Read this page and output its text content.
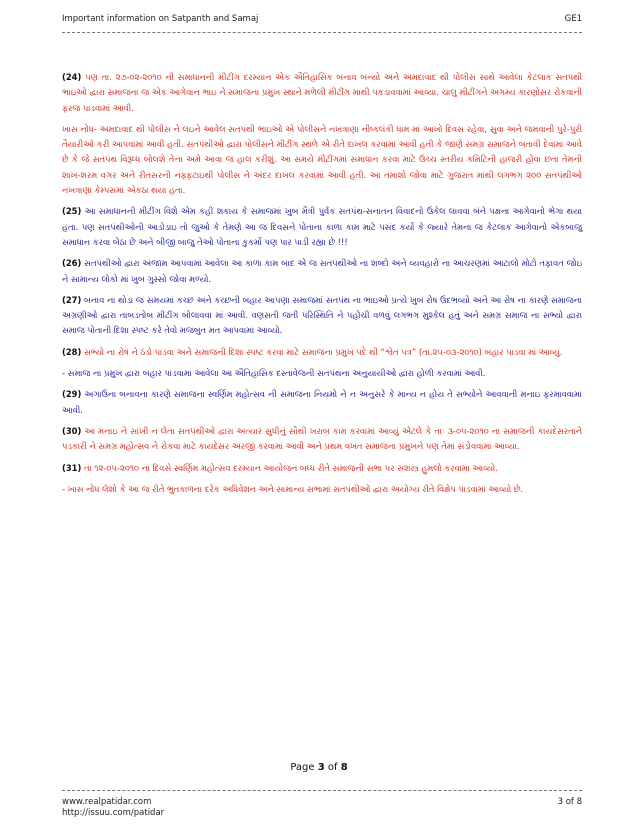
Important information on Satpanth and Samaj	GE1

(24) પણ તા. ૨૭-૦૨-૨૦૧૦ ની સમાધાનની મીટીંગ દરમ્યાન એક ઐતિહાસિક બનાવ બન્યો અને અમદાવાદ થી પોલીસ સાથે આવેલા કેટલાક સતપંથી ભાઇઓ દ્વારા સમાજના જ એક આગેવાન ભાઇ ને સમાજના પ્રમુખ સ્થાને મળેલી મીટીંગ માથી પકડાવવામાં આવ્યા. ચાલુ મીટીંગને અગમ્ય કારણોસર રોકવાની ફરજ પાડવામાં આવી.

ખાસ નોંધ- અમદાવાદ થી પોલીસ ને લઇને આવેલ સતપંથી ભાઇઓ એ પોલીસને નખત્રાણા નીષ્કલંકી ધામ માં આખો દિવસ રહેવા, સુવા અને જમવાની પુરે-પુરી તૈયારીઓ કરી આપવામાં આવી હતી. સતપંથીઓ દ્વારા પોલીસને મીટીંગ સ્થળે એ રીતે દાખલ કરવામાં આવી હતી કે જાણે સમગ્ર સમાજને બતાવી દેવામાં આવે છે કે જે સતપંથ વિરૂધ્ધ બોલશે તેના અમે આવા જ હાલ કરીશું. આ સમયે મીટીંગમાં સમાધાન કરવા માટે ઉચ્ચ સ્તરીય કમિટિની હાજરી હોવા છતા તેમની શાખ-શરમ વગર અને રીતસરની નફ્ફટાઇથી પોલીસ ને અંદર દાખલ કરવામાં આવી હતી. આ તમાશો જોવા માટે ગુજરાત માંથી લગભગ ૨૦૦ સતપંથીઓ નખત્રાણા કેમ્પસમાં એકઠા થયા હતા.

(25) આ સમાધાનની મીટીંગ વિશે એમ કહી શકાય કે સમાજમાં ખુબ મૈત્રી પુર્વક સતપંથ-સનાતન વિવાદનો ઉકેલ લાવવા બંને પક્ષના આગેવાનો ભેગા થયા હતા. પણ સતપંથીઓની આડોડાઇ તો જુઓ કે તેમણે આ જ દિવસને પોતાના કાળા કામ માટે પસંદ કર્યો કે જ્યારે તેમના જ કેટલાક આગેવાનો એકબાજુ સમાધાન કરવા બેઠા છે અને બીજી બાજુ તેઓ પોતાના કુકર્મો પણ પાર પાડી રહ્યા છે !!!

(26) સતપંથીઓ દ્વારા અંજામ આપવામાં આવેલા આ કાળા કામ બાદ એ જ સતપંથીઓ ના શબ્દો અને વ્યવહારો ના આચરણમાં આટાલો મોટો તફાવત જોઇ ને સામાન્ય લોકો માં ખુબ ગુસ્સો જોવા મળ્યો.

(27) બનાવ ના થોડા જ સમયમાં કચ્છ અને કચ્છની બહાર આપણા સમાજમાં સતપંથ ના ભાઇઓ પ્રત્યે ખુબ રોષ ઉદભવ્યો અને આ રોષ ના કારણે સમાજના અગ્રણીઓ દ્વારા તાબડતોબ મીટીંગ બોલાવવા માં આવી. વણસતી જતી પરિસ્થિતિ ને પહોંચી વળવું લગભગ મુશ્કેલ હતું અને સમગ્ર સમાજ ના સભ્યો દ્વારા સમાજ પોતાની દિશા સ્પષ્ટ કરે તેવો મજબુત મત આપવામાં આવ્યો.

(28) સભ્યો ના રોષ ને ઠંડો પાડવા અને સમાજની દિશા સ્પષ્ટ કરવા માટે સમાજના પ્રમુખ પદે થી “શ્વેત પત્ર” (તા.૨૫-૦૩-૨૦૧૦) બહાર પાડવા માં આવ્યું.

- સમાજ ના પ્રમુખ દ્વારા બહાર પાડવામાં આવેલા આ ઐતિહાસિક દસ્તાવેજની સતપંથના અનુયાયીઓ દ્વારા હોળી કરવામાં આવી.

(29) અગાઉના બનાવના કારણે સમાજના સ્વર્ણિમ મહોત્સવ ની સમાજના નિયમો ને ન અનુસરે કે માન્ય ન હોય તે સભ્યોને આવવાની મનાઇ ફરમાવવામાં આવી.

(30) આ મનાઇ ને સાંખી ન લેતા સતપંથીઓ દ્વારા અત્યાર સુધીનું સૌથી ખરાબ કામ કરવામાં આવ્યું એટલે કે તાઃ ૩-૦૫-૨૦૧૦ ના સમાજની કાયદેસરતાને પડકારી ને સમગ્ર મહોત્સવ ને રોકવા માટે કાયદેસર અરજી કરવામાં આવી અને પ્રથમ વખત સમાજના પ્રમુખને પણ તેમાં સંડોવવામાં આવ્યા.

(31) તા ૧૨-૦૫-૨૦૧૦ ના દિવસે સ્વર્ણિમ મહોત્સવ દરમ્યાન આયોજન બધ્ધ રીતે સમાજની સભા પર સશસ્ત્ર હુમલો કરવામા આવ્યો.

- ખાસ નોંધ લેશો કે આ જ રીતે ભુતકાળના દરેક અધિવેશન અને સામાન્ય સભામાં સતપંથીઓ દ્વારા અયોગ્ય રીતે વિક્ષેપ પાડવામાં આવ્યો છે.

Page 3 of 8
www.realpatidar.com
http://issuu.com/patidar
3 of 8
